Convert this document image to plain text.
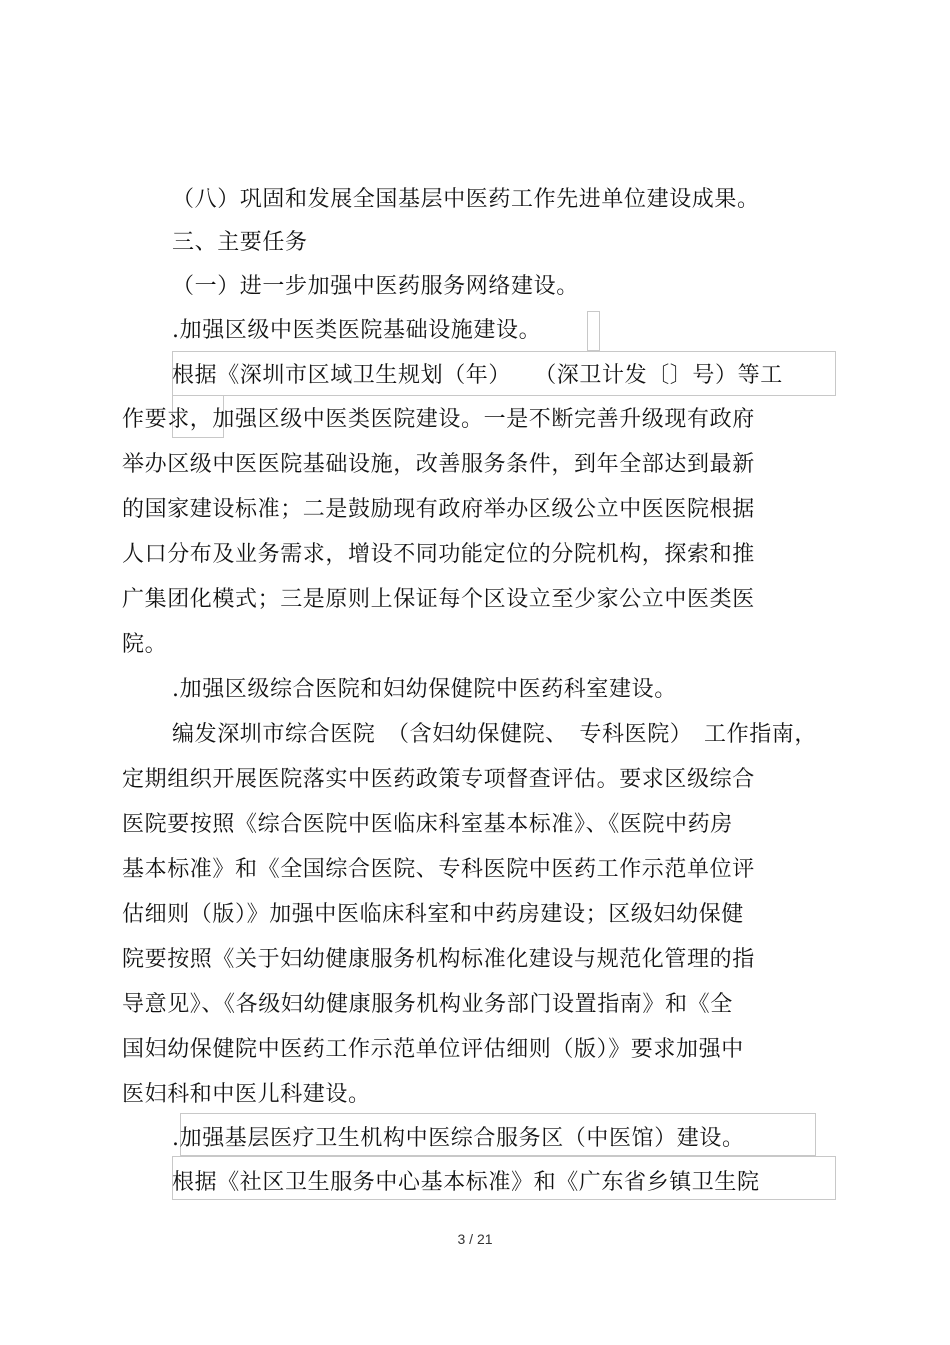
（八）巩固和发展全国基层中医药工作先进单位建设成果。
三、主要任务
（一）进一步加强中医药服务网络建设。
.加强区级中医类医院基础设施建设。
根据《深圳市区域卫生规划（年）　　（深卫计发〔〕号）等工
作要求，加强区级中医类医院建设。一是不断完善升级现有政府
举办区级中医医院基础设施，改善服务条件，到年全部达到最新
的国家建设标准；二是鼓励现有政府举办区级公立中医医院根据
人口分布及业务需求，增设不同功能定位的分院机构，探索和推
广集团化模式；三是原则上保证每个区设立至少家公立中医类医
院。
.加强区级综合医院和妇幼保健院中医药科室建设。
编发深圳市综合医院　（含妇幼保健院、　专科医院）　工作指南，
定期组织开展医院落实中医药政策专项督查评估。要求区级综合
医院要按照《综合医院中医临床科室基本标准》、《医院中药房
基本标准》和《全国综合医院、专科医院中医药工作示范单位评
估细则（版）》加强中医临床科室和中药房建设；区级妇幼保健
院要按照《关于妇幼健康服务机构标准化建设与规范化管理的指
导意见》、《各级妇幼健康服务机构业务部门设置指南》和《全
国妇幼保健院中医药工作示范单位评估细则（版）》要求加强中
医妇科和中医儿科建设。
.加强基层医疗卫生机构中医综合服务区（中医馆）建设。
根据《社区卫生服务中心基本标准》和《广东省乡镇卫生院
3 / 21
